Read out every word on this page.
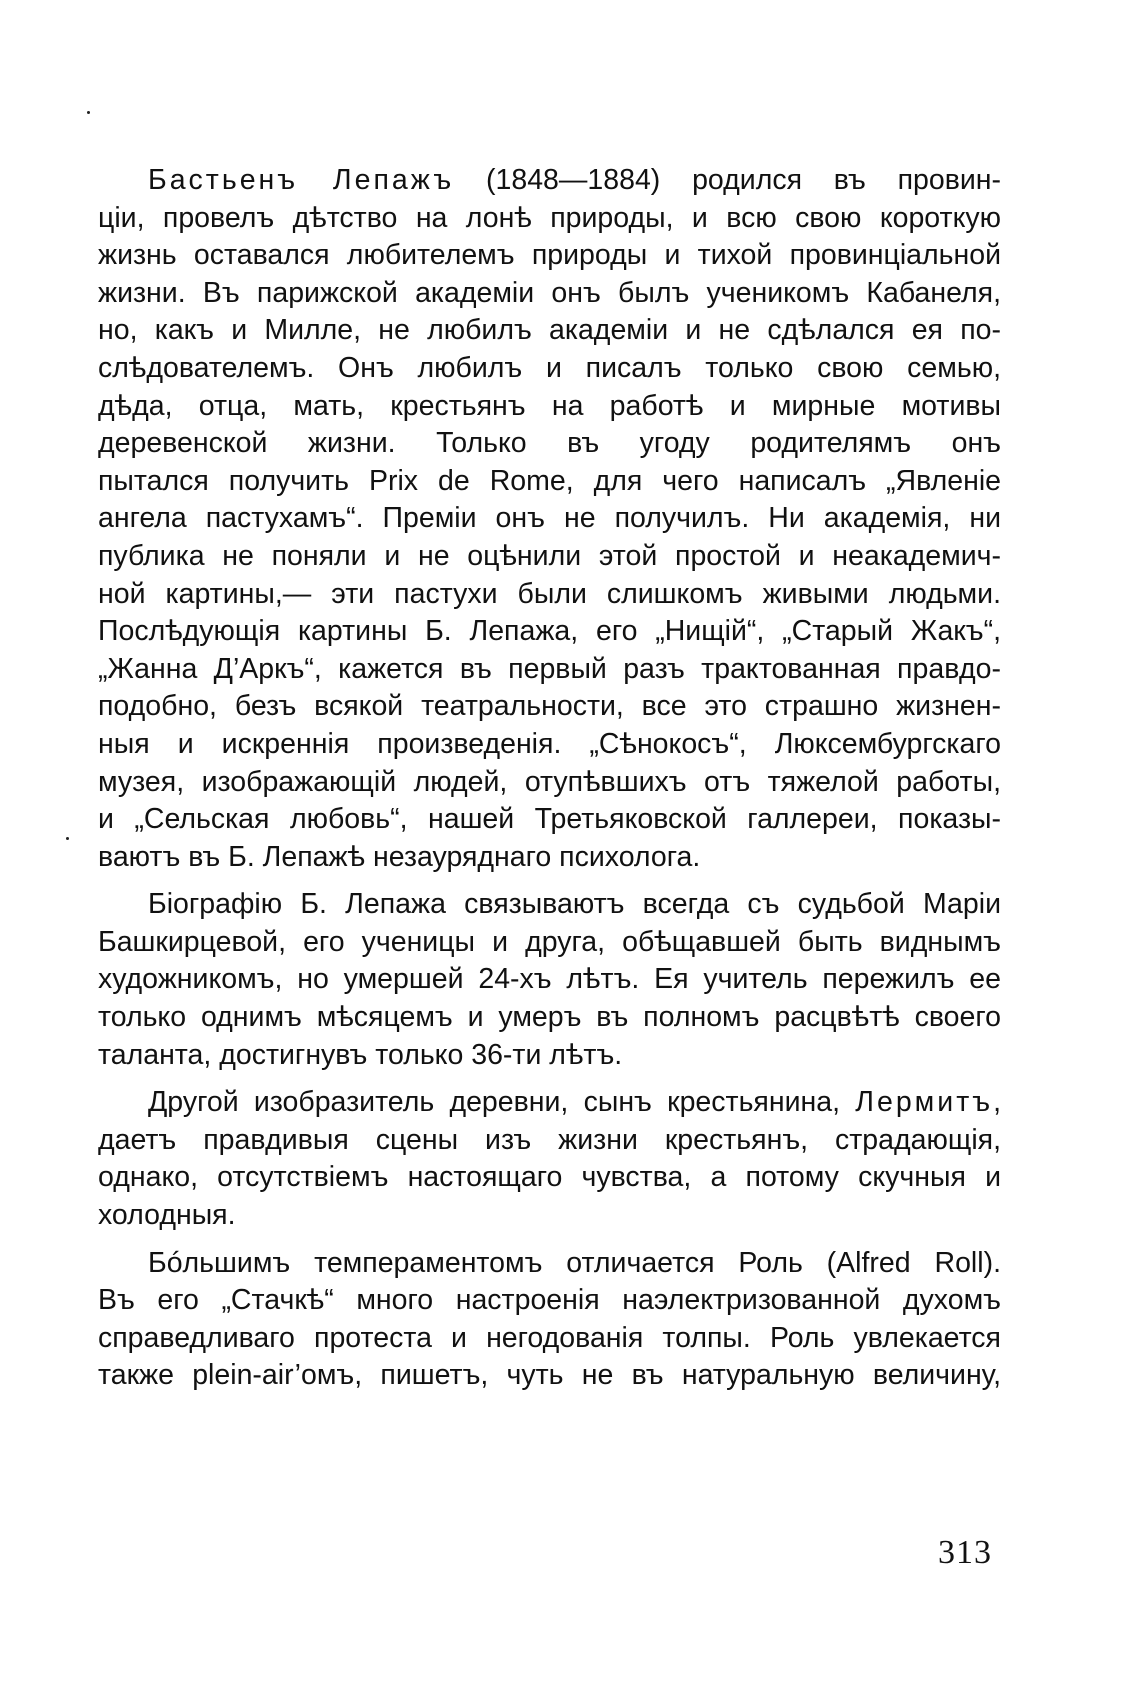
Бастьенъ Лепажъ (1848—1884) родился въ провин-
ціи, провелъ дѣтство на лонѣ природы, и всю свою короткую
жизнь оставался любителемъ природы и тихой провинціальной
жизни. Въ парижской академіи онъ былъ ученикомъ Кабанеля,
но, какъ и Милле, не любилъ академіи и не сдѣлался ея по-
слѣдователемъ. Онъ любилъ и писалъ только свою семью,
дѣда, отца, мать, крестьянъ на работѣ и мирные мотивы
деревенской жизни. Только въ угоду родителямъ онъ
пытался получить Prix de Rome, для чего написалъ „Явленіе
ангела пастухамъ“. Преміи онъ не получилъ. Ни академія, ни
публика не поняли и не оцѣнили этой простой и неакадемич-
ной картины,— эти пастухи были слишкомъ живыми людьми.
Послѣдующія картины Б. Лепажа, его „Нищій“, „Старый Жакъ“,
„Жанна Д’Аркъ“, кажется въ первый разъ трактованная правдо-
подобно, безъ всякой театральности, все это страшно жизнен-
ныя и искреннія произведенія. „Сѣнокосъ“, Люксембургскаго
музея, изображающій людей, отупѣвшихъ отъ тяжелой работы,
и „Сельская любовь“, нашей Третьяковской галлереи, показы-
ваютъ въ Б. Лепажѣ незауряднаго психолога.
Біографію Б. Лепажа связываютъ всегда съ судьбой Маріи
Башкирцевой, его ученицы и друга, обѣщавшей быть виднымъ
художникомъ, но умершей 24-хъ лѣтъ. Ея учитель пережилъ ее
только однимъ мѣсяцемъ и умеръ въ полномъ расцвѣтѣ своего
таланта, достигнувъ только 36-ти лѣтъ.
Другой изобразитель деревни, сынъ крестьянина, Лермитъ,
даетъ правдивыя сцены изъ жизни крестьянъ, страдающія,
однако, отсутствіемъ настоящаго чувства, а потому скучныя и
холодныя.
Бóльшимъ темпераментомъ отличается Роль (Alfred Roll).
Въ его „Стачкѣ“ много настроенія наэлектризованной духомъ
справедливаго протеста и негодованія толпы. Роль увлекается
также plein-air’омъ, пишетъ, чуть не въ натуральную величину,
313
